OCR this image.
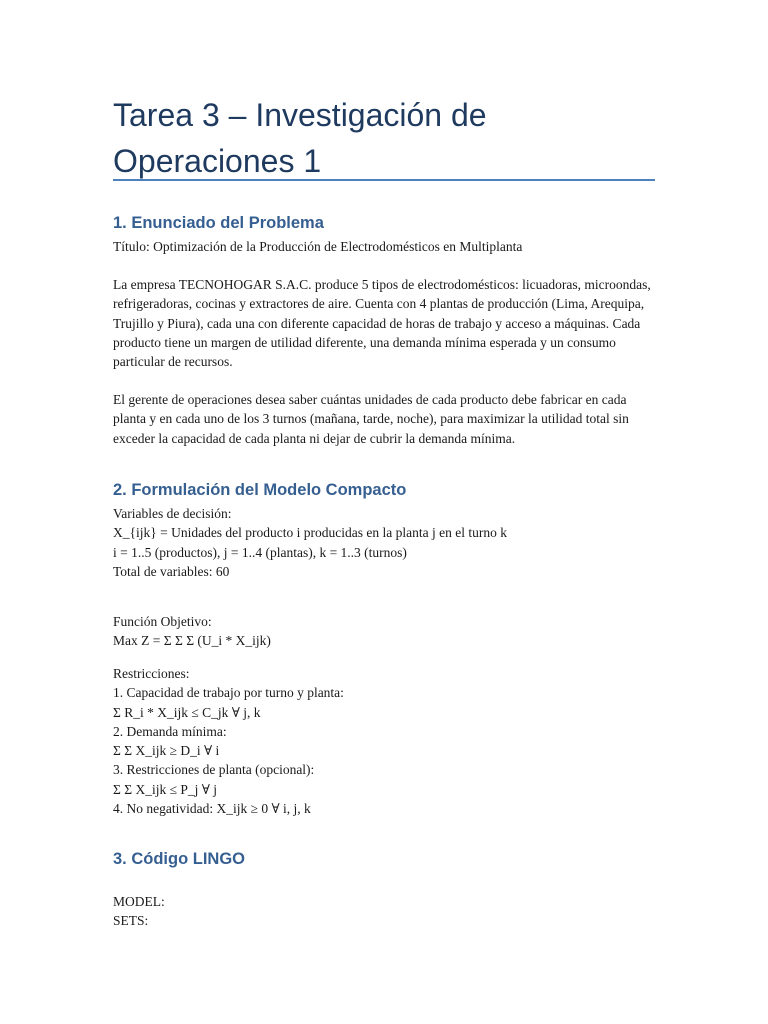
Tarea 3 – Investigación de Operaciones 1
1. Enunciado del Problema

Título: Optimización de la Producción de Electrodomésticos en Multiplanta

La empresa TECNOHOGAR S.A.C. produce 5 tipos de electrodomésticos: licuadoras, microondas, refrigeradoras, cocinas y extractores de aire. Cuenta con 4 plantas de producción (Lima, Arequipa, Trujillo y Piura), cada una con diferente capacidad de horas de trabajo y acceso a máquinas. Cada producto tiene un margen de utilidad diferente, una demanda mínima esperada y un consumo particular de recursos.

El gerente de operaciones desea saber cuántas unidades de cada producto debe fabricar en cada planta y en cada uno de los 3 turnos (mañana, tarde, noche), para maximizar la utilidad total sin exceder la capacidad de cada planta ni dejar de cubrir la demanda mínima.

2. Formulación del Modelo Compacto
Variables de decisión:
X_{ijk} = Unidades del producto i producidas en la planta j en el turno k
i = 1..5 (productos), j = 1..4 (plantas), k = 1..3 (turnos)
Total de variables: 60
Función Objetivo:
Max Z = Σ Σ Σ (U_i * X_ijk)
Restricciones:
1. Capacidad de trabajo por turno y planta:
Σ R_i * X_ijk ≤ C_jk ∀ j, k
2. Demanda mínima:
Σ Σ X_ijk ≥ D_i ∀ i
3. Restricciones de planta (opcional):
Σ Σ X_ijk ≤ P_j ∀ j
4. No negatividad: X_ijk ≥ 0 ∀ i, j, k
3. Código LINGO
MODEL:
SETS:
